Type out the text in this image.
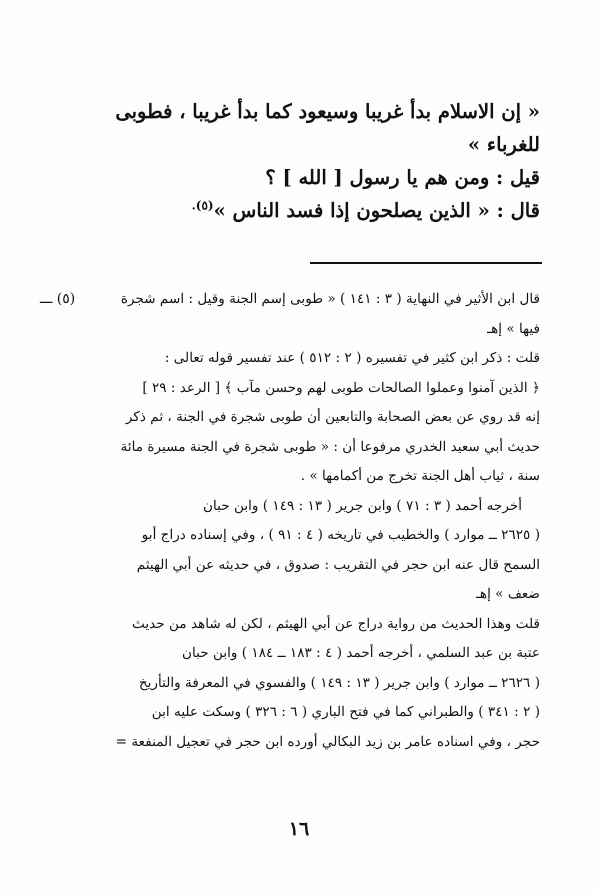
« إن الاسلام بدأ غريبا وسيعود كما بدأ غريبا ، فطوبى
للغرباء »
قيل : ومن هم يا رسول [ الله ] ؟
قال : « الذين يصلحون إذا فسد الناس »$^{(٥).}$
(٥) ـــ	قال ابن الأثير في النهاية ( ٣ : ١٤١ ) « طوبى إسم الجنة وقيل : اسم شجرة
فيها » إهـ
قلت : ذكر ابن كثير في تفسيره ( ٢ : ٥١٢ ) عند تفسير قوله تعالى :
﴿ الذين آمنوا وعملوا الصالحات طوبى لهم وحسن مآب ﴾ [ الرعد : ٢٩ ]
إنه قد روي عن بعض الصحابة والتابعين أن طوبى شجرة في الجنة ، ثم ذكر
حديث أبي سعيد الخدري مرفوعا أن : « طوبى شجرة في الجنة مسيرة مائة
سنة ، ثياب أهل الجنة تخرج من أكمامها » .
أخرجه أحمد ( ٣ : ٧١ ) وابن جرير ( ١٣ : ١٤٩ ) وابن حبان
( ٢٦٢٥ ــ موارد ) والخطيب في تاريخه ( ٤ : ٩١ ) ، وفي إسناده دراج أبو
السمح قال عنه ابن حجر في التقريب : صدوق ، في حديثه عن أبي الهيثم
ضعف » إهـ
قلت وهذا الحديث من رواية دراج عن أبي الهيثم ، لكن له شاهد من حديث
عتبة بن عبد السلمي ، أخرجه أحمد ( ٤ : ١٨٣ ــ ١٨٤ ) وابن حبان
( ٢٦٢٦ ــ موارد ) وابن جرير ( ١٣ : ١٤٩ ) والفسوي في المعرفة والتأريخ
( ٢ : ٣٤١ ) والطبراني كما في فتح الباري ( ٦ : ٣٢٦ ) وسكت عليه ابن
حجر ، وفي اسناده عامر بن زيد البكالي أورده ابن حجر في تعجيل المنفعة =
١٦
